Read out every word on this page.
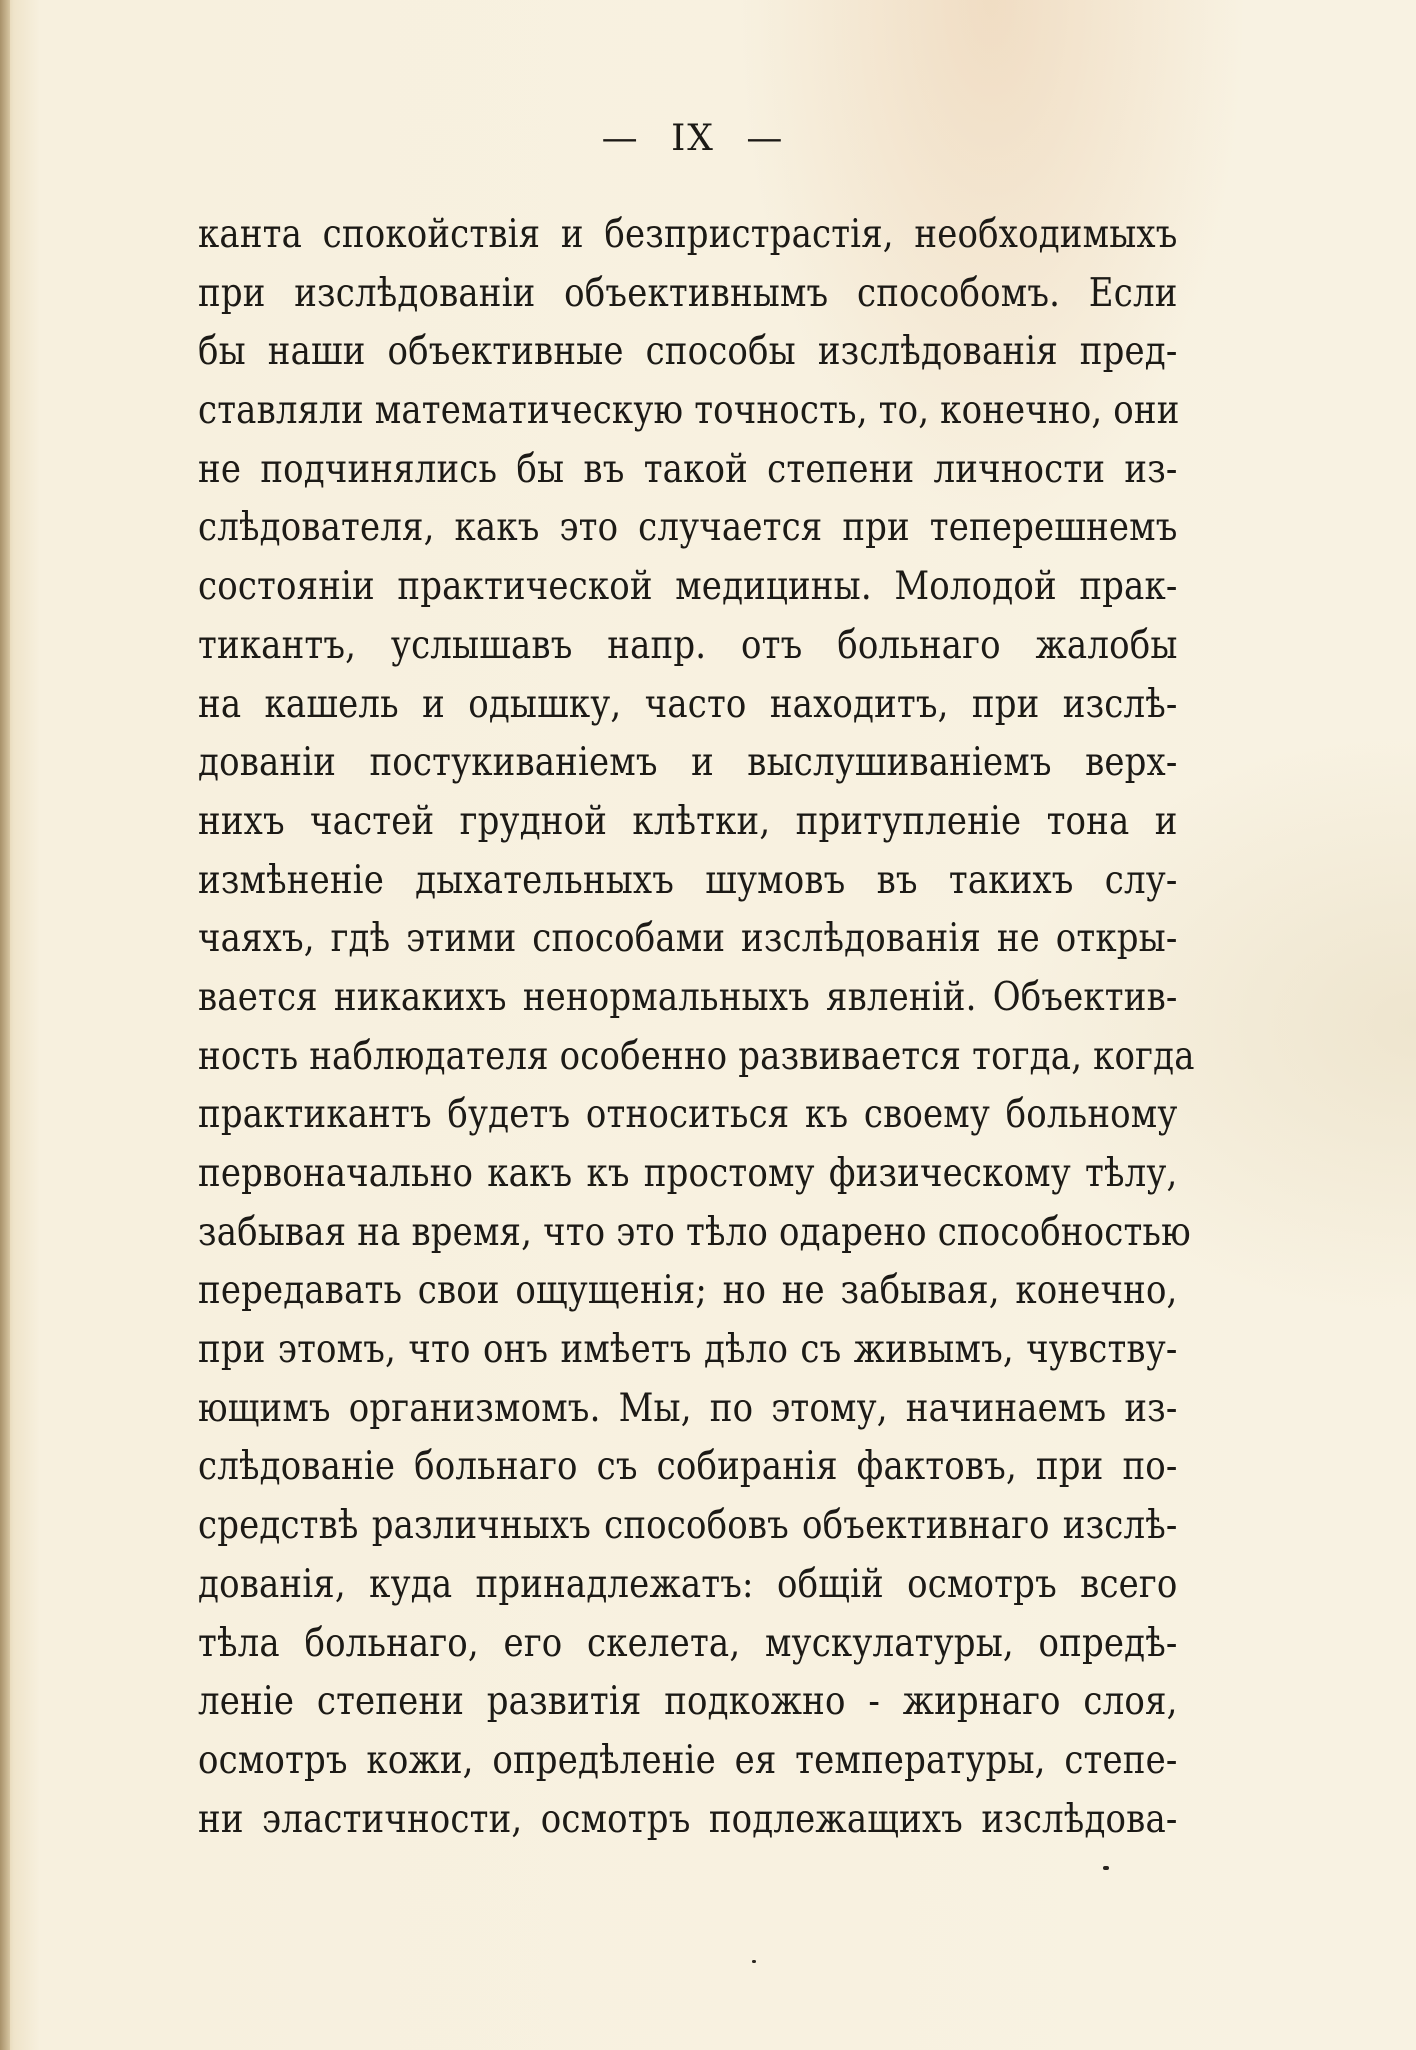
— IX —
канта спокойствія и безпристрастія, необходимыхъ
при изслѣдованіи объективнымъ способомъ. Если
бы наши объективные способы изслѣдованія пред-
ставляли математическую точность, то, конечно, они
не подчинялись бы въ такой степени личности из-
слѣдователя, какъ это случается при теперешнемъ
состояніи практической медицины. Молодой прак-
тикантъ, услышавъ напр. отъ больнаго жалобы
на кашель и одышку, часто находитъ, при изслѣ-
дованіи постукиваніемъ и выслушиваніемъ верх-
нихъ частей грудной клѣтки, притупленіе тона и
измѣненіе дыхательныхъ шумовъ въ такихъ слу-
чаяхъ, гдѣ этими способами изслѣдованія не откры-
вается никакихъ ненормальныхъ явленій. Объектив-
ность наблюдателя особенно развивается тогда, когда
практикантъ будетъ относиться къ своему больному
первоначально какъ къ простому физическому тѣлу,
забывая на время, что это тѣло одарено способностью
передавать свои ощущенія; но не забывая, конечно,
при этомъ, что онъ имѣетъ дѣло съ живымъ, чувству-
ющимъ организмомъ. Мы, по этому, начинаемъ из-
слѣдованіе больнаго съ собиранія фактовъ, при по-
средствѣ различныхъ способовъ объективнаго изслѣ-
дованія, куда принадлежатъ: общій осмотръ всего
тѣла больнаго, его скелета, мускулатуры, опредѣ-
леніе степени развитія подкожно - жирнаго слоя,
осмотръ кожи, опредѣленіе ея температуры, степе-
ни эластичности, осмотръ подлежащихъ изслѣдова-
